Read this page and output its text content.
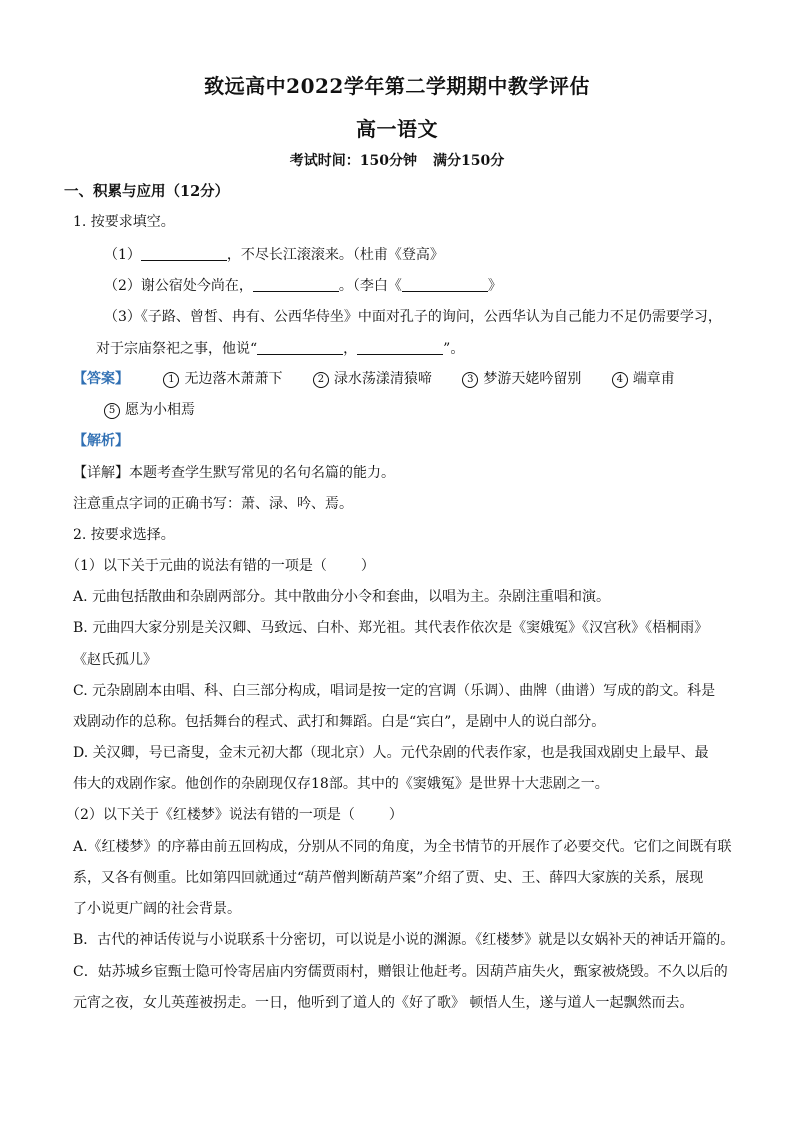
致远高中2022学年第二学期期中教学评估
高一语文
考试时间：150分钟 满分150分
一、积累与应用（12分）
1. 按要求填空。
（1）	，不尽长江滚滚来。（杜甫《登高》
（2）谢公宿处今尚在，	。（李白《	》
（3）《子路、曾皙、冉有、公西华侍坐》中面对孔子的询问，公西华认为自己能力不足仍需要学习，
对于宗庙祭祀之事，他说“	，	”。
【答案】	1 无边落木萧萧下	2 渌水荡漾清猿啼	3 梦游天姥吟留别	4 端章甫
5 愿为小相焉
【解析】
【详解】本题考查学生默写常见的名句名篇的能力。
注意重点字词的正确书写：萧、渌、吟、焉。
2. 按要求选择。
（1）以下关于元曲的说法有错的一项是（ ）
A. 元曲包括散曲和杂剧两部分。其中散曲分小令和套曲，以唱为主。杂剧注重唱和演。
B. 元曲四大家分别是关汉卿、马致远、白朴、郑光祖。其代表作依次是《窦娥冤》《汉宫秋》《梧桐雨》
《赵氏孤儿》
C. 元杂剧剧本由唱、科、白三部分构成，唱词是按一定的宫调（乐调）、曲牌（曲谱）写成的韵文。科是
戏剧动作的总称。包括舞台的程式、武打和舞蹈。白是“宾白”，是剧中人的说白部分。
D. 关汉卿，号已斋叟，金末元初大都（现北京）人。元代杂剧的代表作家，也是我国戏剧史上最早、最
伟大的戏剧作家。他创作的杂剧现仅存18部。其中的《窦娥冤》是世界十大悲剧之一。
（2）以下关于《红楼梦》说法有错的一项是（ ）
A.《红楼梦》的序幕由前五回构成，分别从不同的角度，为全书情节的开展作了必要交代。它们之间既有联
系，又各有侧重。比如第四回就通过“葫芦僧判断葫芦案”介绍了贾、史、王、薛四大家族的关系，展现
了小说更广阔的社会背景。
B．古代的神话传说与小说联系十分密切，可以说是小说的渊源。《红楼梦》就是以女娲补天的神话开篇的。
C．姑苏城乡宦甄士隐可怜寄居庙内穷儒贾雨村，赠银让他赶考。因葫芦庙失火，甄家被烧毁。不久以后的
元宵之夜，女儿英莲被拐走。一日，他听到了道人的《好了歌》 顿悟人生，遂与道人一起飘然而去。
